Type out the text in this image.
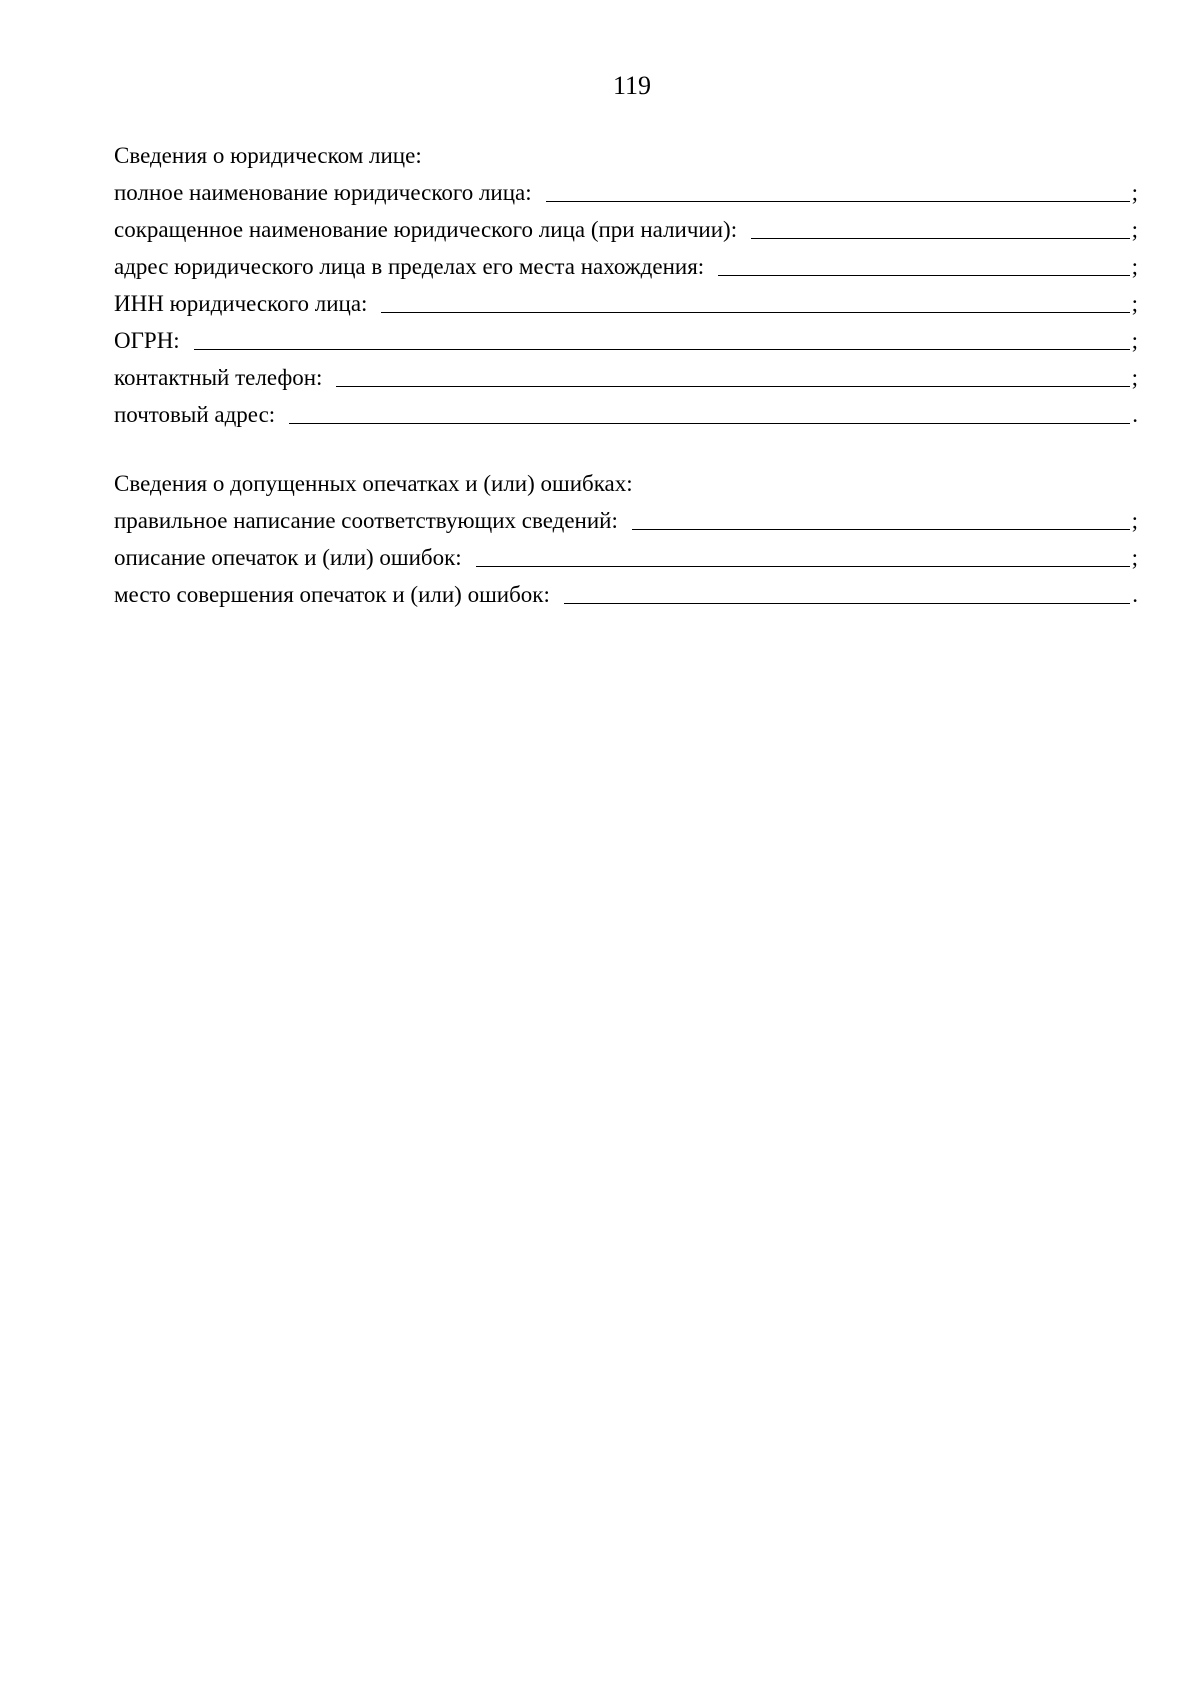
119
Сведения о юридическом лице:
полное наименование юридического лица:	;
сокращенное наименование юридического лица (при наличии):	;
адрес юридического лица в пределах его места нахождения:	;
ИНН юридического лица:	;
ОГРН:	;
контактный телефон:	;
почтовый адрес:	.
Сведения о допущенных опечатках и (или) ошибках:
правильное написание соответствующих сведений:	;
описание опечаток и (или) ошибок:	;
место совершения опечаток и (или) ошибок:	.
